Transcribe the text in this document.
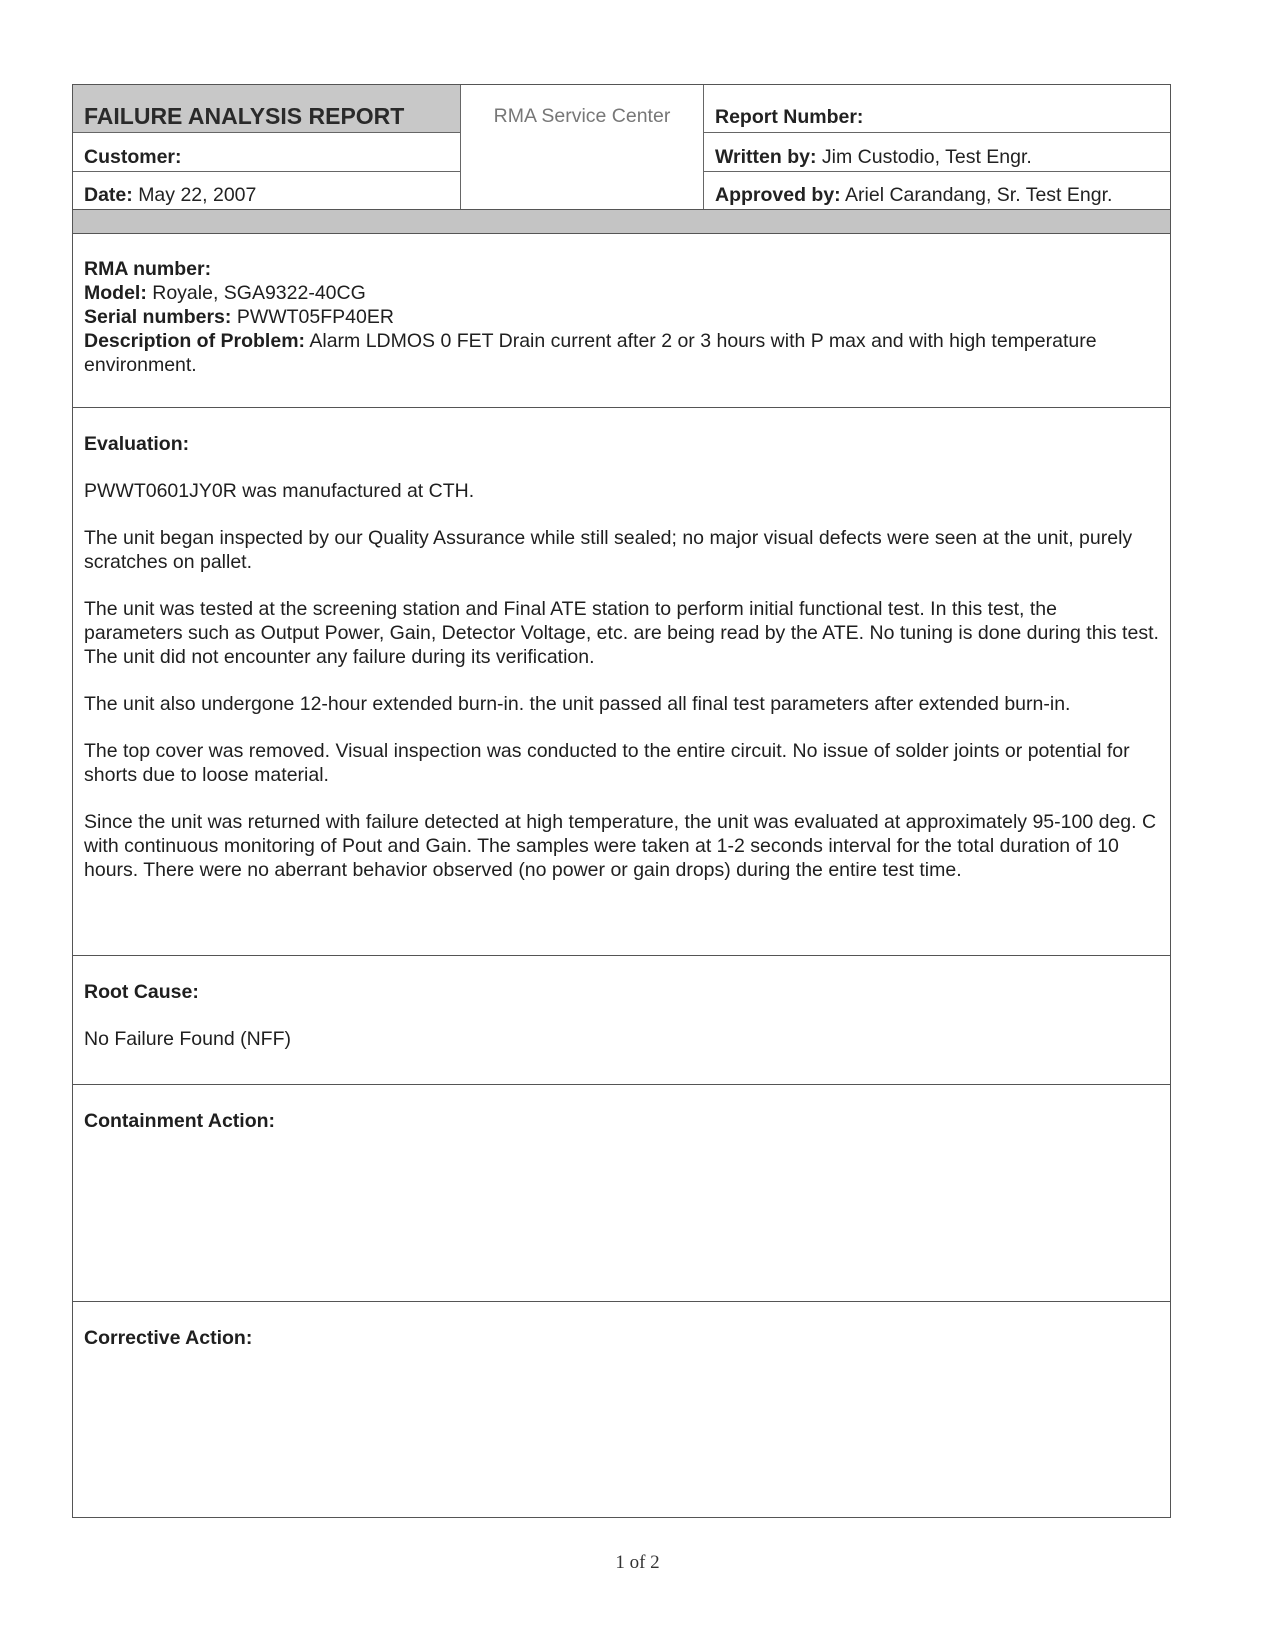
FAILURE ANALYSIS REPORT
Customer:
Date: May 22, 2007
RMA Service Center	Report Number:
Written by: Jim Custodio, Test Engr.
Approved by: Ariel Carandang, Sr. Test Engr.

RMA number:

Model: Royale, SGA9322-40CG

Serial numbers: PWWT05FP40ER

Description of Problem: Alarm LDMOS 0 FET Drain current after 2 or 3 hours with P max and with high temperature environment.

Evaluation:

PWWT0601JY0R was manufactured at CTH.

The unit began inspected by our Quality Assurance while still sealed; no major visual defects were seen at the unit, purely scratches on pallet.

The unit was tested at the screening station and Final ATE station to perform initial functional test. In this test, the parameters such as Output Power, Gain, Detector Voltage, etc. are being read by the ATE. No tuning is done during this test. The unit did not encounter any failure during its verification.

The unit also undergone 12-hour extended burn-in. the unit passed all final test parameters after extended burn-in.

The top cover was removed. Visual inspection was conducted to the entire circuit. No issue of solder joints or potential for shorts due to loose material.

Since the unit was returned with failure detected at high temperature, the unit was evaluated at approximately 95-100 deg. C with continuous monitoring of Pout and Gain. The samples were taken at 1-2 seconds interval for the total duration of 10 hours. There were no aberrant behavior observed (no power or gain drops) during the entire test time.

Root Cause:

No Failure Found (NFF)

Containment Action:

Corrective Action:

1 of 2
